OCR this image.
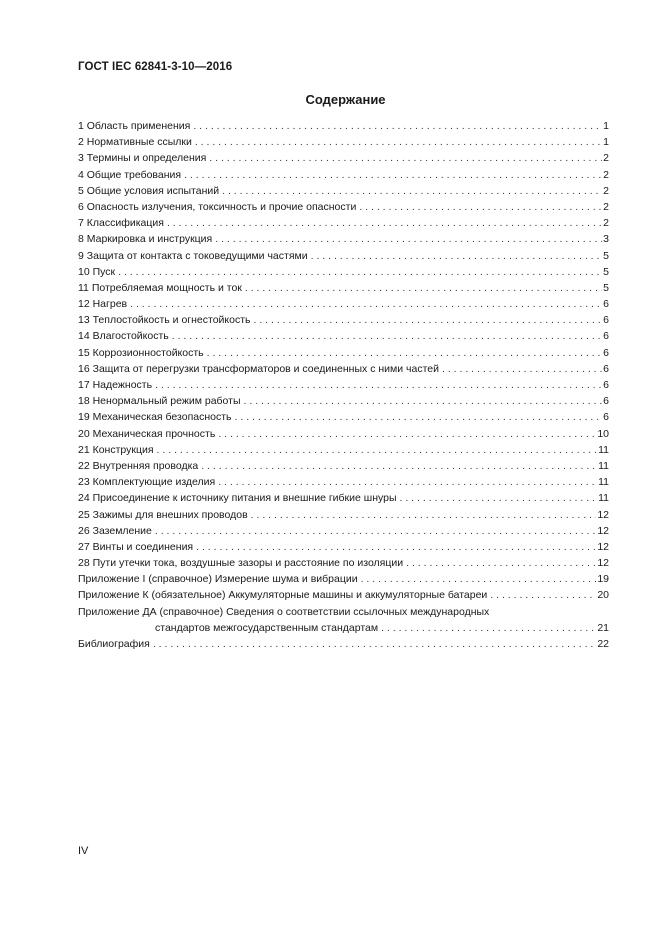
ГОСТ IEC 62841-3-10—2016
Содержание
1 Область применения . . .	1
2 Нормативные ссылки . . .	1
3 Термины и определения . . .	2
4 Общие требования . . .	2
5 Общие условия испытаний . . .	2
6 Опасность излучения, токсичность и прочие опасности . . .	2
7 Классификация . . .	2
8 Маркировка и инструкция . . .	3
9 Защита от контакта с токоведущими частями . . .	5
10 Пуск . . .	5
11 Потребляемая мощность и ток . . .	5
12 Нагрев . . .	6
13 Теплостойкость и огнестойкость . . .	6
14 Влагостойкость . . .	6
15 Коррозионностойкость . . .	6
16 Защита от перегрузки трансформаторов и соединенных с ними частей . . .	6
17 Надежность . . .	6
18 Ненормальный режим работы . . .	6
19 Механическая безопасность . . .	6
20 Механическая прочность . . .	10
21 Конструкция . . .	11
22 Внутренняя проводка . . .	11
23 Комплектующие изделия . . .	11
24 Присоединение к источнику питания и внешние гибкие шнуры . . .	11
25 Зажимы для внешних проводов . . .	12
26 Заземление . . .	12
27 Винты и соединения . . .	12
28 Пути утечки тока, воздушные зазоры и расстояние по изоляции . . .	12
Приложение I (справочное) Измерение шума и вибрации . . .	19
Приложение К (обязательное) Аккумуляторные машины и аккумуляторные батареи . . .	20
Приложение ДА (справочное) Сведения о соответствии ссылочных международных
стандартов межгосударственным стандартам . . .	21
Библиография . . .	22
IV
